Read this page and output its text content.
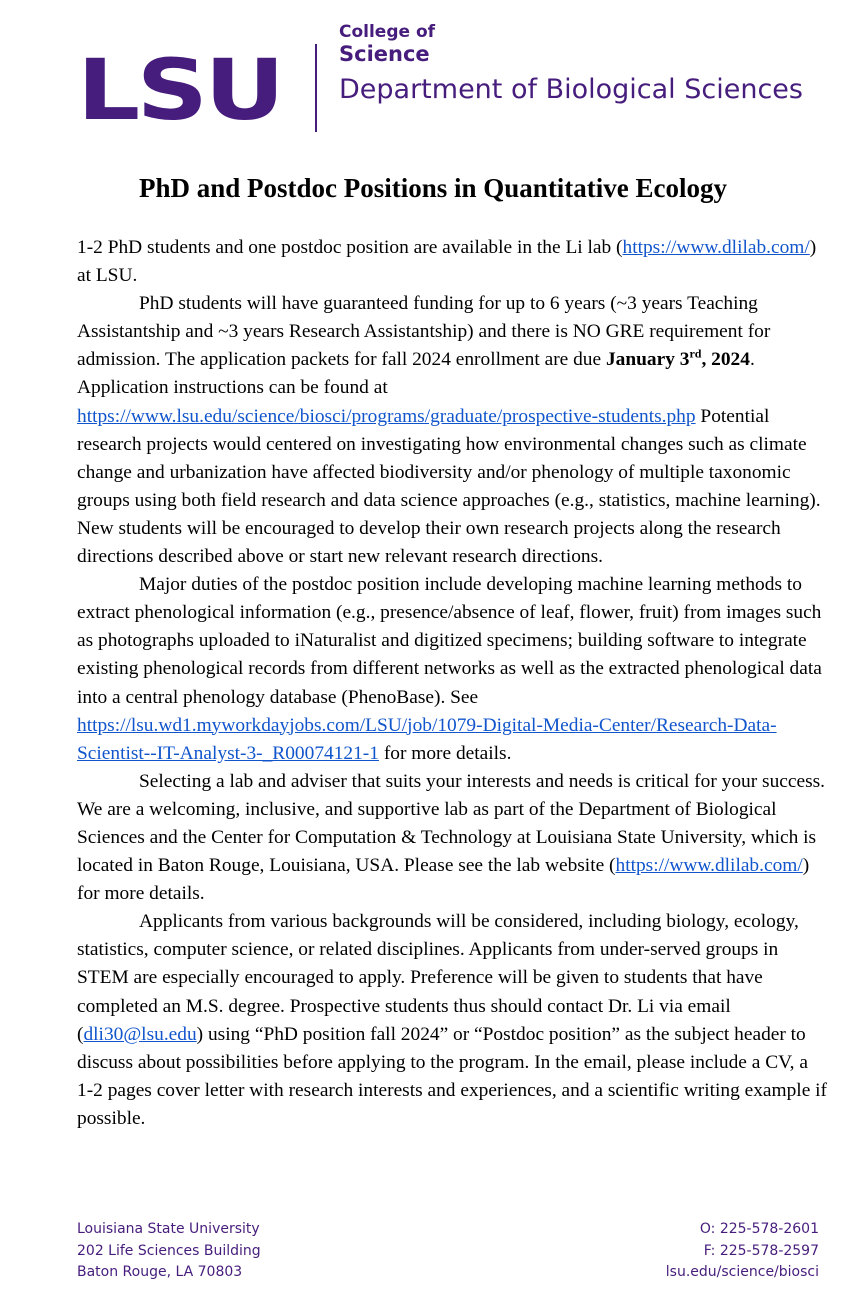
LSU
College of
Science
Department of Biological Sciences
PhD and Postdoc Positions in Quantitative Ecology

1-2 PhD students and one postdoc position are available in the Li lab (https://www.dlilab.com/) at LSU.

PhD students will have guaranteed funding for up to 6 years (~3 years Teaching Assistantship and ~3 years Research Assistantship) and there is NO GRE requirement for admission. The application packets for fall 2024 enrollment are due January 3rd, 2024. Application instructions can be found at https://www.lsu.edu/science/biosci/programs/graduate/prospective-students.php Potential research projects would centered on investigating how environmental changes such as climate change and urbanization have affected biodiversity and/or phenology of multiple taxonomic groups using both field research and data science approaches (e.g., statistics, machine learning). New students will be encouraged to develop their own research projects along the research directions described above or start new relevant research directions.

Major duties of the postdoc position include developing machine learning methods to extract phenological information (e.g., presence/absence of leaf, flower, fruit) from images such as photographs uploaded to iNaturalist and digitized specimens; building software to integrate existing phenological records from different networks as well as the extracted phenological data into a central phenology database (PhenoBase). See https://lsu.wd1.myworkdayjobs.com/LSU/job/1079-Digital-Media-Center/Research-Data-Scientist--IT-Analyst-3-_R00074121-1 for more details.

Selecting a lab and adviser that suits your interests and needs is critical for your success. We are a welcoming, inclusive, and supportive lab as part of the Department of Biological Sciences and the Center for Computation & Technology at Louisiana State University, which is located in Baton Rouge, Louisiana, USA. Please see the lab website (https://www.dlilab.com/) for more details.

Applicants from various backgrounds will be considered, including biology, ecology, statistics, computer science, or related disciplines. Applicants from under-served groups in STEM are especially encouraged to apply. Preference will be given to students that have completed an M.S. degree. Prospective students thus should contact Dr. Li via email (dli30@lsu.edu) using “PhD position fall 2024” or “Postdoc position” as the subject header to discuss about possibilities before applying to the program. In the email, please include a CV, a 1-2 pages cover letter with research interests and experiences, and a scientific writing example if possible.

Louisiana State University
202 Life Sciences Building
Baton Rouge, LA 70803
O: 225-578-2601
F: 225-578-2597
lsu.edu/science/biosci
